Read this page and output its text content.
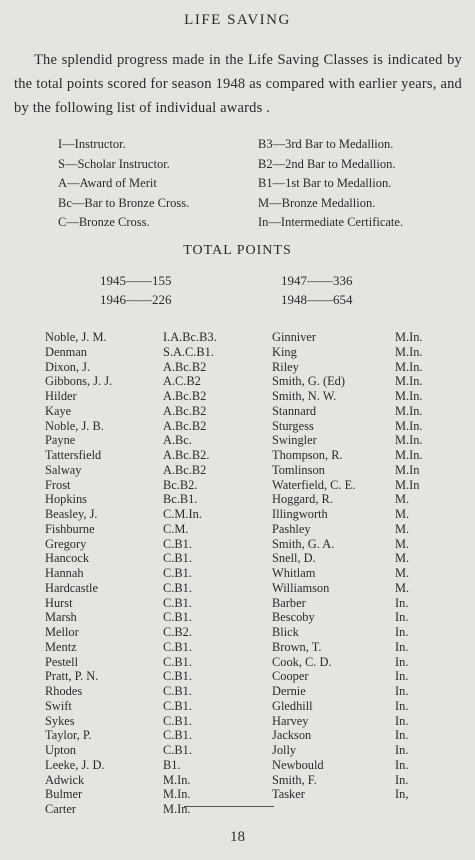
LIFE SAVING
The splendid progress made in the Life Saving Classes is indicated by the total points scored for season 1948 as compared with earlier years, and by the following list of individual awards .
I—Instructor.
S—Scholar Instructor.
A—Award of Merit
Bc—Bar to Bronze Cross.
C—Bronze Cross.
B3—3rd Bar to Medallion.
B2—2nd Bar to Medallion.
B1—1st Bar to Medallion.
M—Bronze Medallion.
In—Intermediate Certificate.
TOTAL POINTS
1945——155
1946——226
1947——336
1948——654
Noble, J. M.
Denman
Dixon, J.
Gibbons, J. J.
Hilder
Kaye
Noble, J. B.
Payne
Tattersfield
Salway
Frost
Hopkins
Beasley, J.
Fishburne
Gregory
Hancock
Hannah
Hardcastle
Hurst
Marsh
Mellor
Mentz
Pestell
Pratt, P. N.
Rhodes
Swift
Sykes
Taylor, P.
Upton
Leeke, J. D.
Adwick
Bulmer
Carter
I.A.Bc.B3.
S.A.C.B1.
A.Bc.B2
A.C.B2
A.Bc.B2
A.Bc.B2
A.Bc.B2
A.Bc.
A.Bc.B2.
A.Bc.B2
Bc.B2.
Bc.B1.
C.M.In.
C.M.
C.B1.
C.B1.
C.B1.
C.B1.
C.B1.
C.B1.
C.B2.
C.B1.
C.B1.
C.B1.
C.B1.
C.B1.
C.B1.
C.B1.
C.B1.
B1.
M.In.
M.In.
M.In.
Ginniver
King
Riley
Smith, G. (Ed)
Smith, N. W.
Stannard
Sturgess
Swingler
Thompson, R.
Tomlinson
Waterfield, C. E.
Hoggard, R.
Illingworth
Pashley
Smith, G. A.
Snell, D.
Whitlam
Williamson
Barber
Bescoby
Blick
Brown, T.
Cook, C. D.
Cooper
Dernie
Gledhill
Harvey
Jackson
Jolly
Newbould
Smith, F.
Tasker
M.In.
M.In.
M.In.
M.In.
M.In.
M.In.
M.In.
M.In.
M.In.
M.In
M.In
M.
M.
M.
M.
M.
M.
M.
In.
In.
In.
In.
In.
In.
In.
In.
In.
In.
In.
In.
In.
In,
18
